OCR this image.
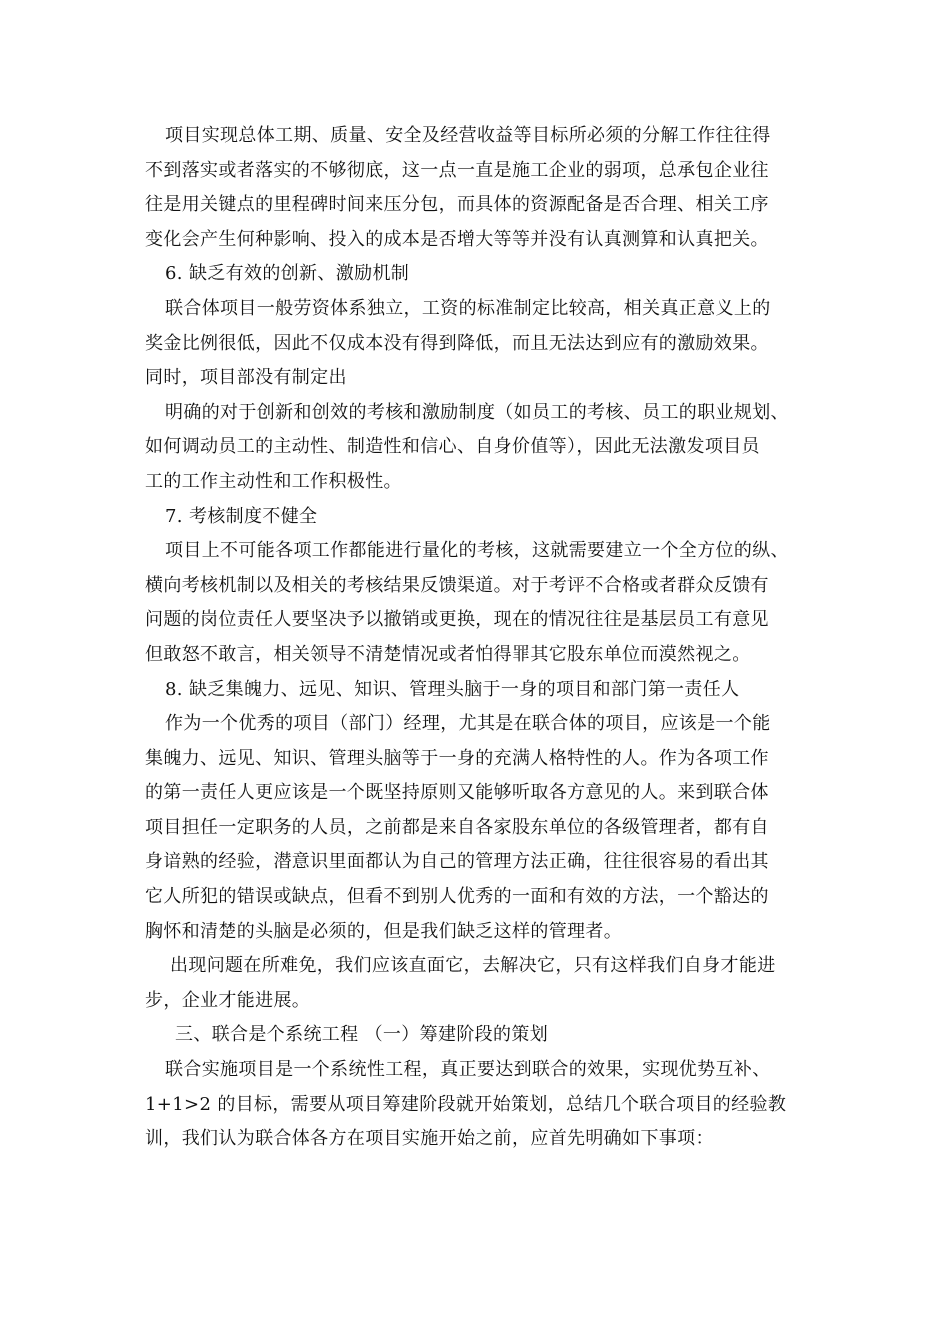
项目实现总体工期、质量、安全及经营收益等目标所必须的分解工作往往得
不到落实或者落实的不够彻底，这一点一直是施工企业的弱项，总承包企业往
往是用关键点的里程碑时间来压分包，而具体的资源配备是否合理、相关工序
变化会产生何种影响、投入的成本是否增大等等并没有认真测算和认真把关。
6. 缺乏有效的创新、激励机制
联合体项目一般劳资体系独立，工资的标准制定比较高，相关真正意义上的
奖金比例很低，因此不仅成本没有得到降低，而且无法达到应有的激励效果。
同时，项目部没有制定出
明确的对于创新和创效的考核和激励制度（如员工的考核、员工的职业规划、
如何调动员工的主动性、制造性和信心、自身价值等），因此无法激发项目员
工的工作主动性和工作积极性。
7. 考核制度不健全
项目上不可能各项工作都能进行量化的考核，这就需要建立一个全方位的纵、
横向考核机制以及相关的考核结果反馈渠道。对于考评不合格或者群众反馈有
问题的岗位责任人要坚决予以撤销或更换，现在的情况往往是基层员工有意见
但敢怒不敢言，相关领导不清楚情况或者怕得罪其它股东单位而漠然视之。
8. 缺乏集魄力、远见、知识、管理头脑于一身的项目和部门第一责任人
作为一个优秀的项目（部门）经理，尤其是在联合体的项目，应该是一个能
集魄力、远见、知识、管理头脑等于一身的充满人格特性的人。作为各项工作
的第一责任人更应该是一个既坚持原则又能够听取各方意见的人。来到联合体
项目担任一定职务的人员，之前都是来自各家股东单位的各级管理者，都有自
身谙熟的经验，潜意识里面都认为自己的管理方法正确，往往很容易的看出其
它人所犯的错误或缺点，但看不到别人优秀的一面和有效的方法，一个豁达的
胸怀和清楚的头脑是必须的，但是我们缺乏这样的管理者。
出现问题在所难免，我们应该直面它，去解决它，只有这样我们自身才能进
步，企业才能进展。
三、联合是个系统工程 （一）筹建阶段的策划
联合实施项目是一个系统性工程，真正要达到联合的效果，实现优势互补、
1+1>2 的目标，需要从项目筹建阶段就开始策划，总结几个联合项目的经验教
训，我们认为联合体各方在项目实施开始之前，应首先明确如下事项：
